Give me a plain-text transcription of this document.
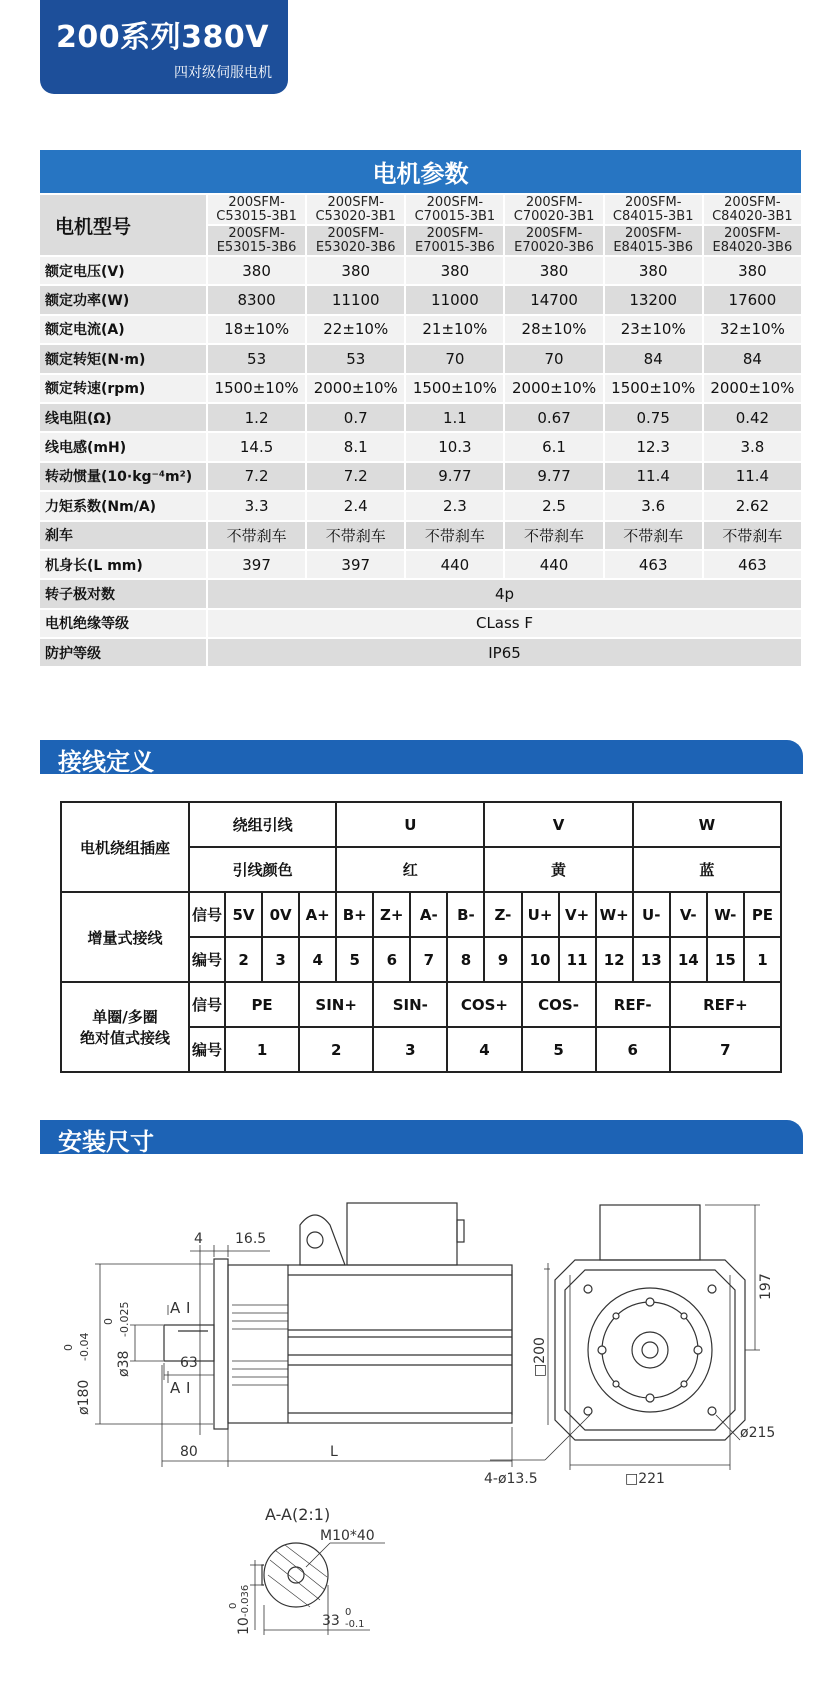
200系列380V
四对级伺服电机
电机参数						
电机型号	200SFM-C53015-3B1	200SFM-C53020-3B1	200SFM-C70015-3B1	200SFM-C70020-3B1	200SFM-C84015-3B1	200SFM-C84020-3B1
	200SFM-E53015-3B6	200SFM-E53020-3B6	200SFM-E70015-3B6	200SFM-E70020-3B6	200SFM-E84015-3B6	200SFM-E84020-3B6
额定电压(V)	380	380	380	380	380	380
额定功率(W)	8300	11100	11000	14700	13200	17600
额定电流(A)	18±10%	22±10%	21±10%	28±10%	23±10%	32±10%
额定转矩(N·m)	53	53	70	70	84	84
额定转速(rpm)	1500±10%	2000±10%	1500±10%	2000±10%	1500±10%	2000±10%
线电阻(Ω)	1.2	0.7	1.1	0.67	0.75	0.42
线电感(mH)	14.5	8.1	10.3	6.1	12.3	3.8
转动惯量(10·kg⁻⁴m²)	7.2	7.2	9.77	9.77	11.4	11.4
力矩系数(Nm/A)	3.3	2.4	2.3	2.5	3.6	2.62
刹车	不带刹车	不带刹车	不带刹车	不带刹车	不带刹车	不带刹车
机身长(L mm)	397	397	440	440	463	463
转子极对数	4p					
电机绝缘等级	CLass F					
防护等级	IP65					
接线定义
电机绕组插座	绕组引线				U				V				W			
	引线颜色				红				黄				蓝			
增量式接线	信号	5V	0V	A+	B+	Z+	A-	B-	Z-	U+	V+	W+	U-	V-	W-	PE
	编号	2	3	4	5	6	7	8	9	10	11	12	13	14	15	1

单圈/多圈
绝对值式接线	信号	PE		SIN+		SIN-		COS+		COS-		REF-		REF+		
	编号	1		2		3		4		5		6		7		
安装尺寸
4 16.5
A I
A I
63
80	L
ø180
0 -0.04
ø38
0 -0.025
□200
197
ø215
□221
4-ø13.5
A-A(2:1)
M10*40
10
0 -0.036
33
0
-0.1
